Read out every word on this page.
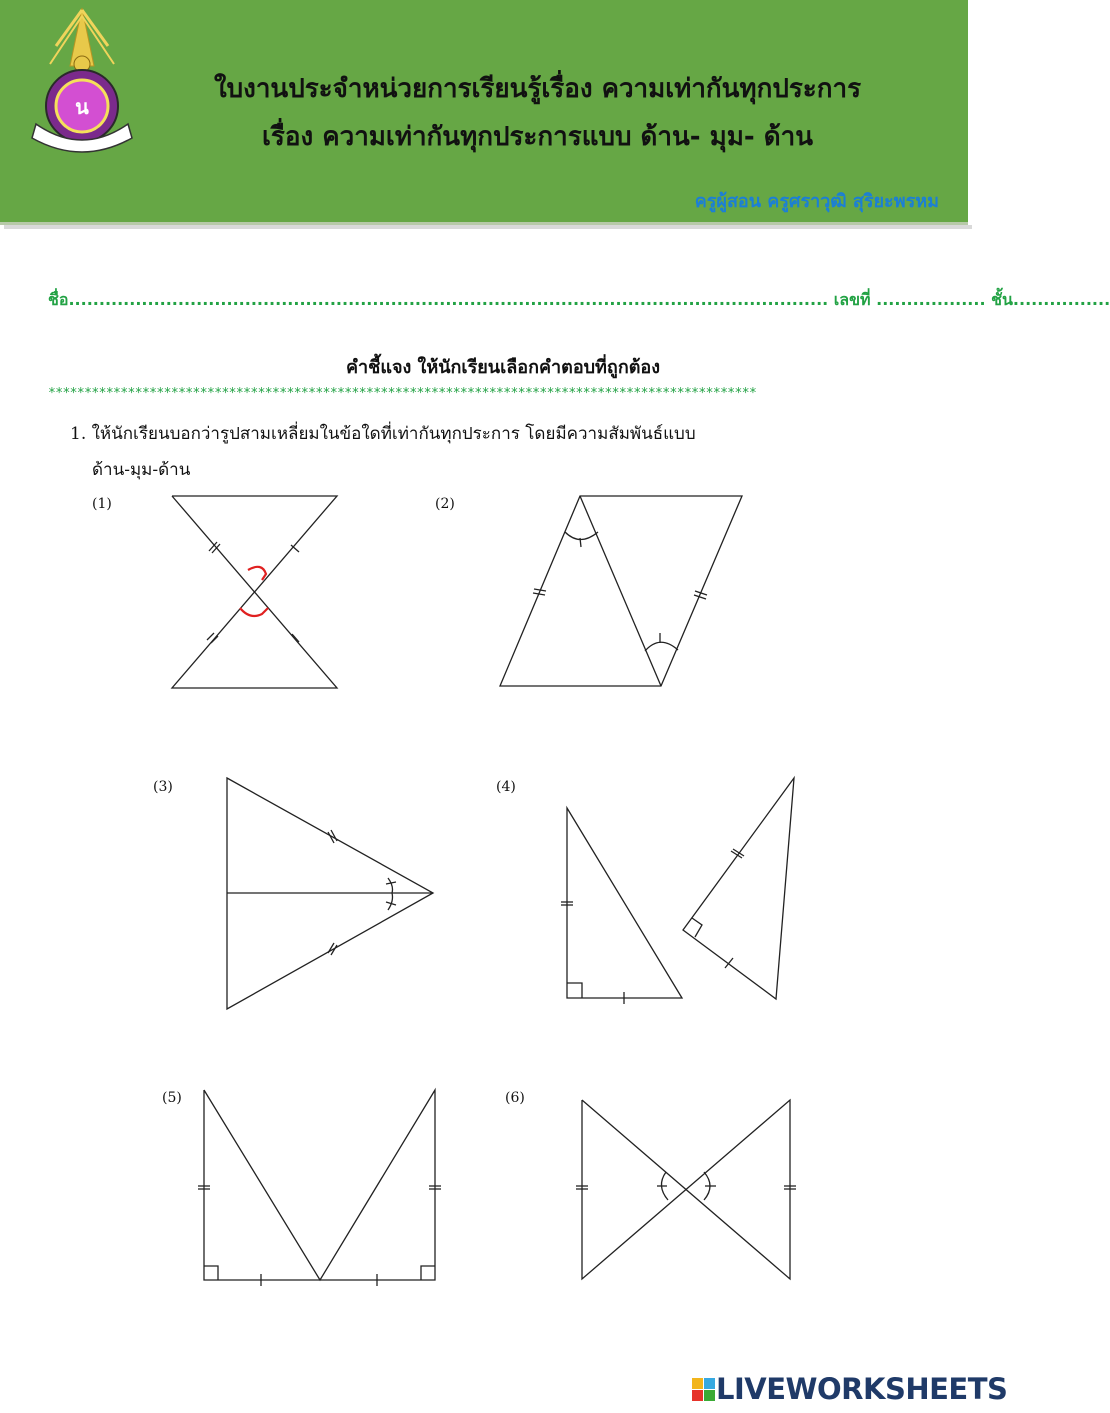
น
ใบงานประจำหน่วยการเรียนรู้เรื่อง ความเท่ากันทุกประการ
เรื่อง ความเท่ากันทุกประการแบบ ด้าน- มุม- ด้าน
ครูผู้สอน ครูศราวุฒิ สุริยะพรหม
ชื่อ............................................................................................................................. เลขที่ .................. ชั้น................
คำชี้แจง ให้นักเรียนเลือกคำตอบที่ถูกต้อง
**************************************************************************************************
1. ให้นักเรียนบอกว่ารูปสามเหลี่ยมในข้อใดที่เท่ากันทุกประการ โดยมีความสัมพันธ์แบบ
ด้าน-มุม-ด้าน
(1)	(2)
(3)	(4)
(5)	(6)
LIVEWORKSHEETS
